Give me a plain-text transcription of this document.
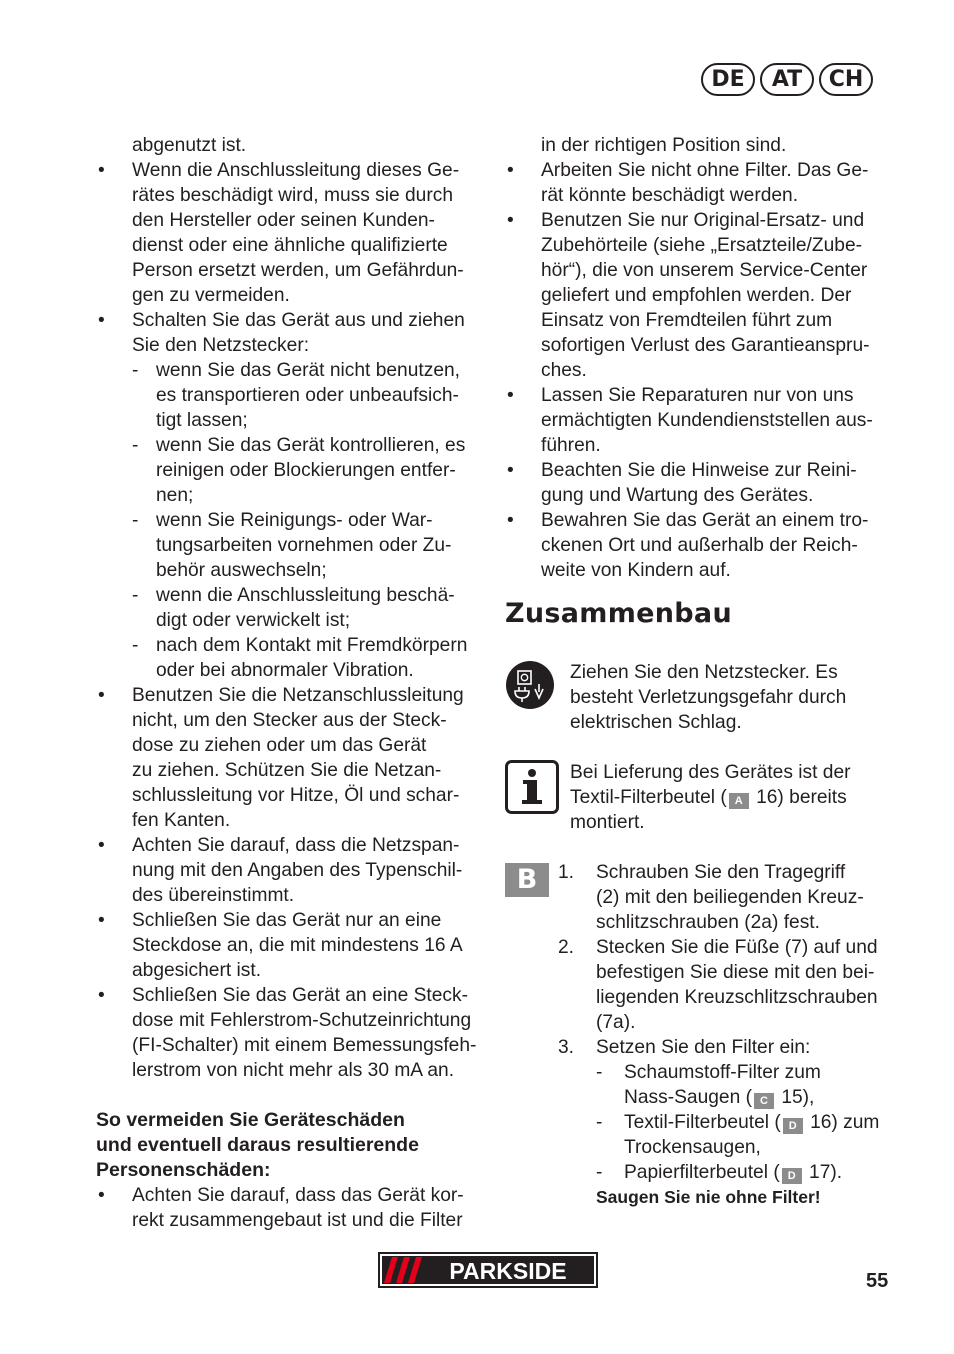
DE	AT	CH
abgenutzt ist.
• Wenn die Anschlussleitung dieses Ge-
rätes beschädigt wird, muss sie durch
den Hersteller oder seinen Kunden-
dienst oder eine ähnliche qualifizierte
Person ersetzt werden, um Gefährdun-
gen zu vermeiden.
• Schalten Sie das Gerät aus und ziehen
Sie den Netzstecker:
- wenn Sie das Gerät nicht benutzen,
es transportieren oder unbeaufsich-
tigt lassen;
- wenn Sie das Gerät kontrollieren, es
reinigen oder Blockierungen entfer-
nen;
- wenn Sie Reinigungs- oder War-
tungsarbeiten vornehmen oder Zu-
behör auswechseln;
- wenn die Anschlussleitung beschä-
digt oder verwickelt ist;
- nach dem Kontakt mit Fremdkörpern
oder bei abnormaler Vibration.
• Benutzen Sie die Netzanschlussleitung
nicht, um den Stecker aus der Steck-
dose zu ziehen oder um das Gerät
zu ziehen. Schützen Sie die Netzan-
schlussleitung vor Hitze, Öl und schar-
fen Kanten.
• Achten Sie darauf, dass die Netzspan-
nung mit den Angaben des Typenschil-
des übereinstimmt.
• Schließen Sie das Gerät nur an eine
Steckdose an, die mit mindestens 16 A
abgesichert ist.
• Schließen Sie das Gerät an eine Steck-
dose mit Fehlerstrom-Schutzeinrichtung
(FI-Schalter) mit einem Bemessungsfeh-
lerstrom von nicht mehr als 30 mA an.
So vermeiden Sie Geräteschäden
und eventuell daraus resultierende
Personenschäden:
• Achten Sie darauf, dass das Gerät kor-
rekt zusammengebaut ist und die Filter
in der richtigen Position sind.
• Arbeiten Sie nicht ohne Filter. Das Ge-
rät könnte beschädigt werden.
• Benutzen Sie nur Original-Ersatz- und
Zubehörteile (siehe „Ersatzteile/Zube-
hör“), die von unserem Service-Center
geliefert und empfohlen werden. Der
Einsatz von Fremdteilen führt zum
sofortigen Verlust des Garantieanspru-
ches.
• Lassen Sie Reparaturen nur von uns
ermächtigten Kundendienststellen aus-
führen.
• Beachten Sie die Hinweise zur Reini-
gung und Wartung des Gerätes.
• Bewahren Sie das Gerät an einem tro-
ckenen Ort und außerhalb der Reich-
weite von Kindern auf.
Zusammenbau
Ziehen Sie den Netzstecker. Es
besteht Verletzungsgefahr durch
elektrischen Schlag.
Bei Lieferung des Gerätes ist der
Textil-Filterbeutel ( A 16) bereits
montiert.
B	1. Schrauben Sie den Tragegriff
(2) mit den beiliegenden Kreuz-
schlitzschrauben (2a) fest.
2. Stecken Sie die Füße (7) auf und
befestigen Sie diese mit den bei-
liegenden Kreuzschlitzschrauben
(7a).
3. Setzen Sie den Filter ein:
- Schaumstoff-Filter zum
Nass-Saugen ( C 15),
- Textil-Filterbeutel ( D 16) zum
Trockensaugen,
- Papierfilterbeutel ( D 17).
Saugen Sie nie ohne Filter!
PARKSIDE	55
